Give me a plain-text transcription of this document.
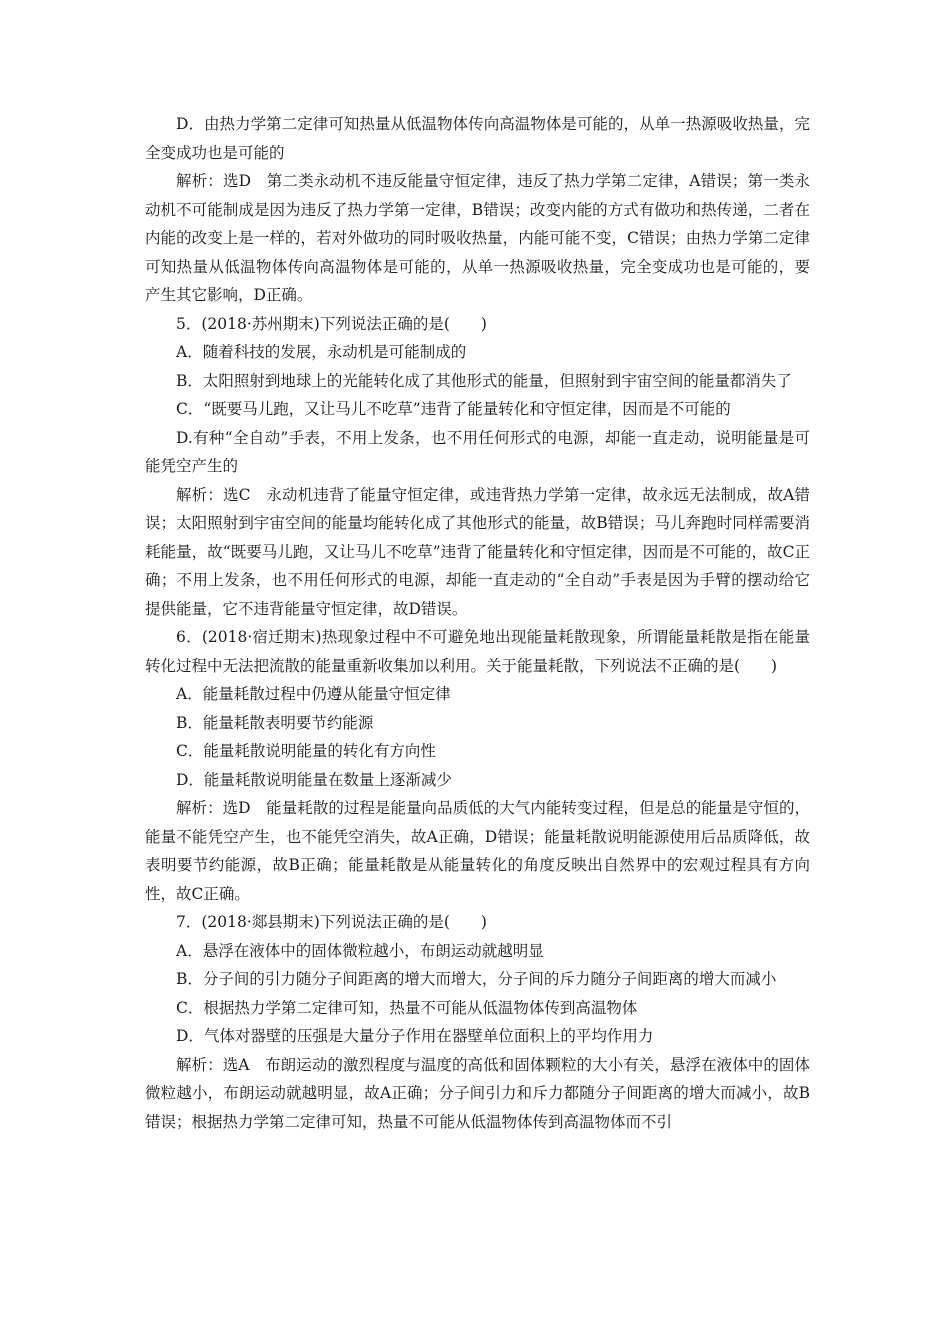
D．由热力学第二定律可知热量从低温物体传向高温物体是可能的，从单一热源吸收热量，完全变成功也是可能的

解析：选D　第二类永动机不违反能量守恒定律，违反了热力学第二定律，A错误；第一类永动机不可能制成是因为违反了热力学第一定律，B错误；改变内能的方式有做功和热传递，二者在内能的改变上是一样的，若对外做功的同时吸收热量，内能可能不变，C错误；由热力学第二定律可知热量从低温物体传向高温物体是可能的，从单一热源吸收热量，完全变成功也是可能的，要产生其它影响，D正确。

5．(2018·苏州期末)下列说法正确的是(　　)

A．随着科技的发展，永动机是可能制成的

B．太阳照射到地球上的光能转化成了其他形式的能量，但照射到宇宙空间的能量都消失了

C．“既要马儿跑，又让马儿不吃草”违背了能量转化和守恒定律，因而是不可能的

D.有种“全自动”手表，不用上发条，也不用任何形式的电源，却能一直走动，说明能量是可能凭空产生的

解析：选C　永动机违背了能量守恒定律，或违背热力学第一定律，故永远无法制成，故A错误；太阳照射到宇宙空间的能量均能转化成了其他形式的能量，故B错误；马儿奔跑时同样需要消耗能量，故“既要马儿跑，又让马儿不吃草”违背了能量转化和守恒定律，因而是不可能的，故C正确；不用上发条，也不用任何形式的电源，却能一直走动的“全自动”手表是因为手臂的摆动给它提供能量，它不违背能量守恒定律，故D错误。

6．(2018·宿迁期末)热现象过程中不可避免地出现能量耗散现象，所谓能量耗散是指在能量转化过程中无法把流散的能量重新收集加以利用。关于能量耗散，下列说法不正确的是(　　)

A．能量耗散过程中仍遵从能量守恒定律

B．能量耗散表明要节约能源

C．能量耗散说明能量的转化有方向性

D．能量耗散说明能量在数量上逐渐减少

解析：选D　能量耗散的过程是能量向品质低的大气内能转变过程，但是总的能量是守恒的，能量不能凭空产生，也不能凭空消失，故A正确，D错误；能量耗散说明能源使用后品质降低，故表明要节约能源，故B正确；能量耗散是从能量转化的角度反映出自然界中的宏观过程具有方向性，故C正确。

7．(2018·郯县期末)下列说法正确的是(　　)

A．悬浮在液体中的固体微粒越小，布朗运动就越明显

B．分子间的引力随分子间距离的增大而增大，分子间的斥力随分子间距离的增大而减小

C．根据热力学第二定律可知，热量不可能从低温物体传到高温物体

D．气体对器壁的压强是大量分子作用在器壁单位面积上的平均作用力

解析：选A　布朗运动的激烈程度与温度的高低和固体颗粒的大小有关，悬浮在液体中的固体微粒越小，布朗运动就越明显，故A正确；分子间引力和斥力都随分子间距离的增大而减小，故B错误；根据热力学第二定律可知，热量不可能从低温物体传到高温物体而不引
